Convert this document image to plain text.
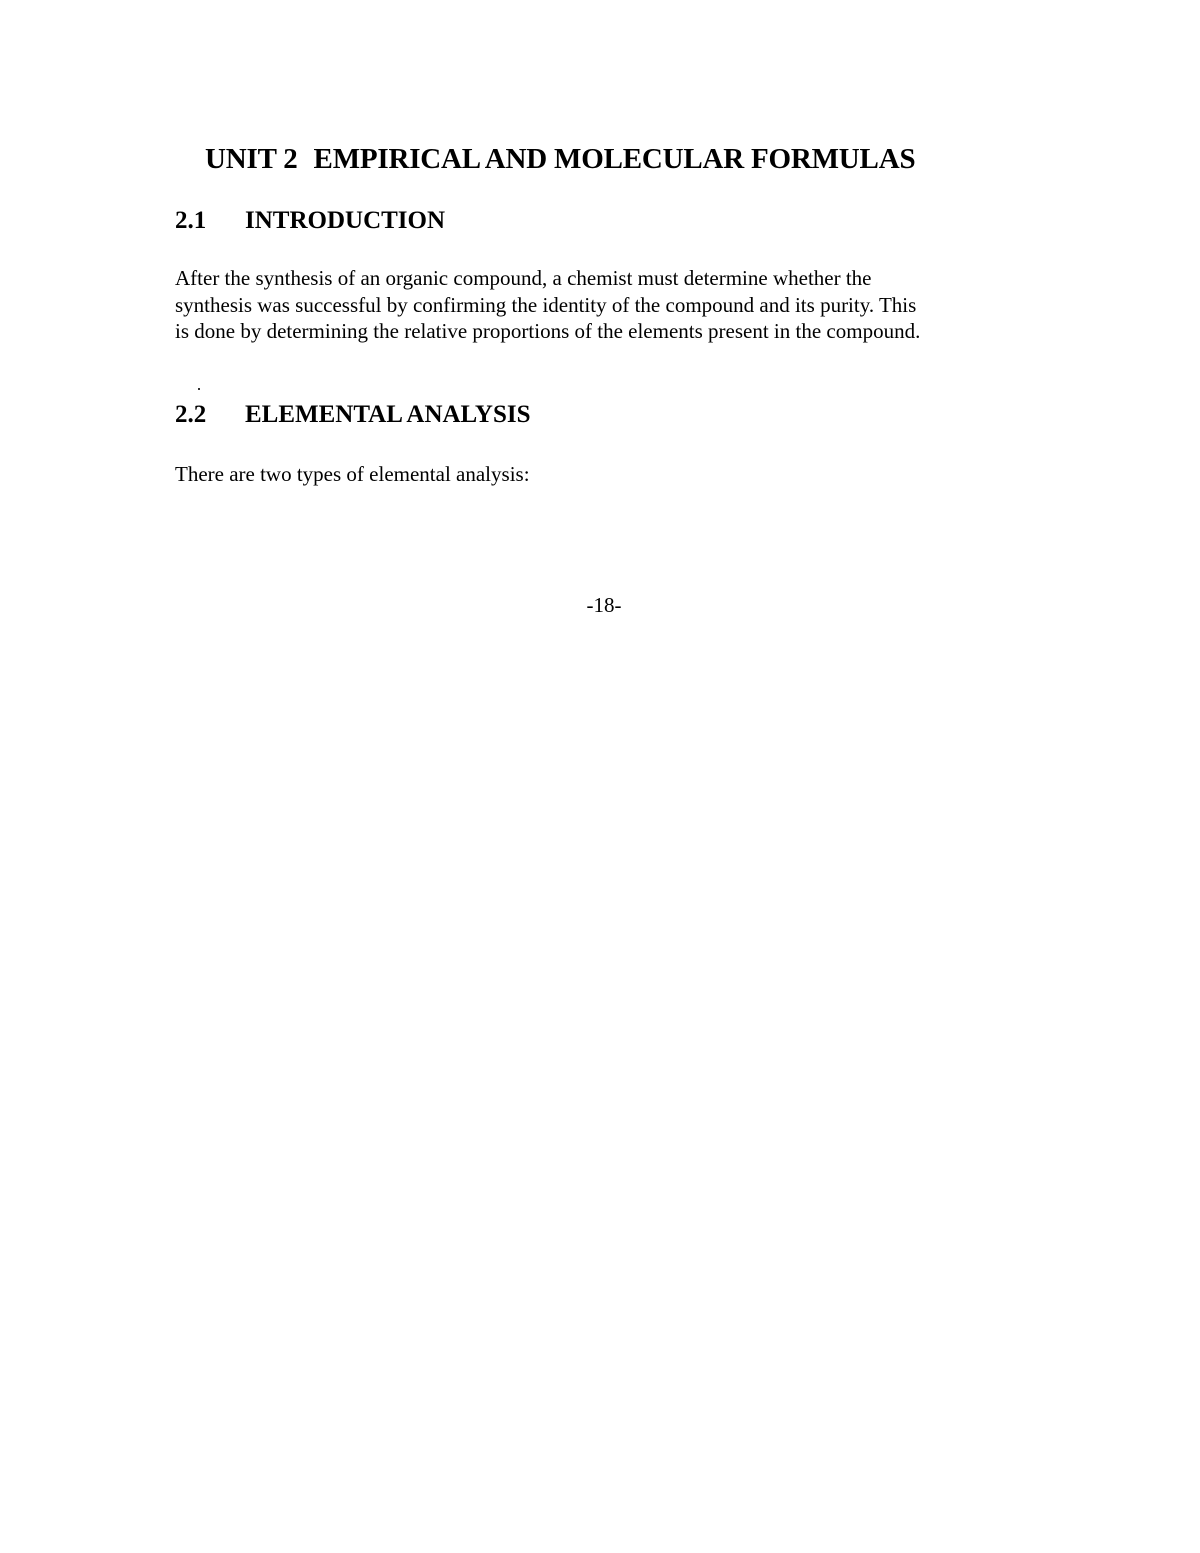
UNIT 2 EMPIRICAL AND MOLECULAR FORMULAS
2.1 INTRODUCTION
After the synthesis of an organic compound, a chemist must determine whether the
synthesis was successful by confirming the identity of the compound and its purity. This
is done by determining the relative proportions of the elements present in the compound.
2.2 ELEMENTAL ANALYSIS
There are two types of elemental analysis:

-18-
